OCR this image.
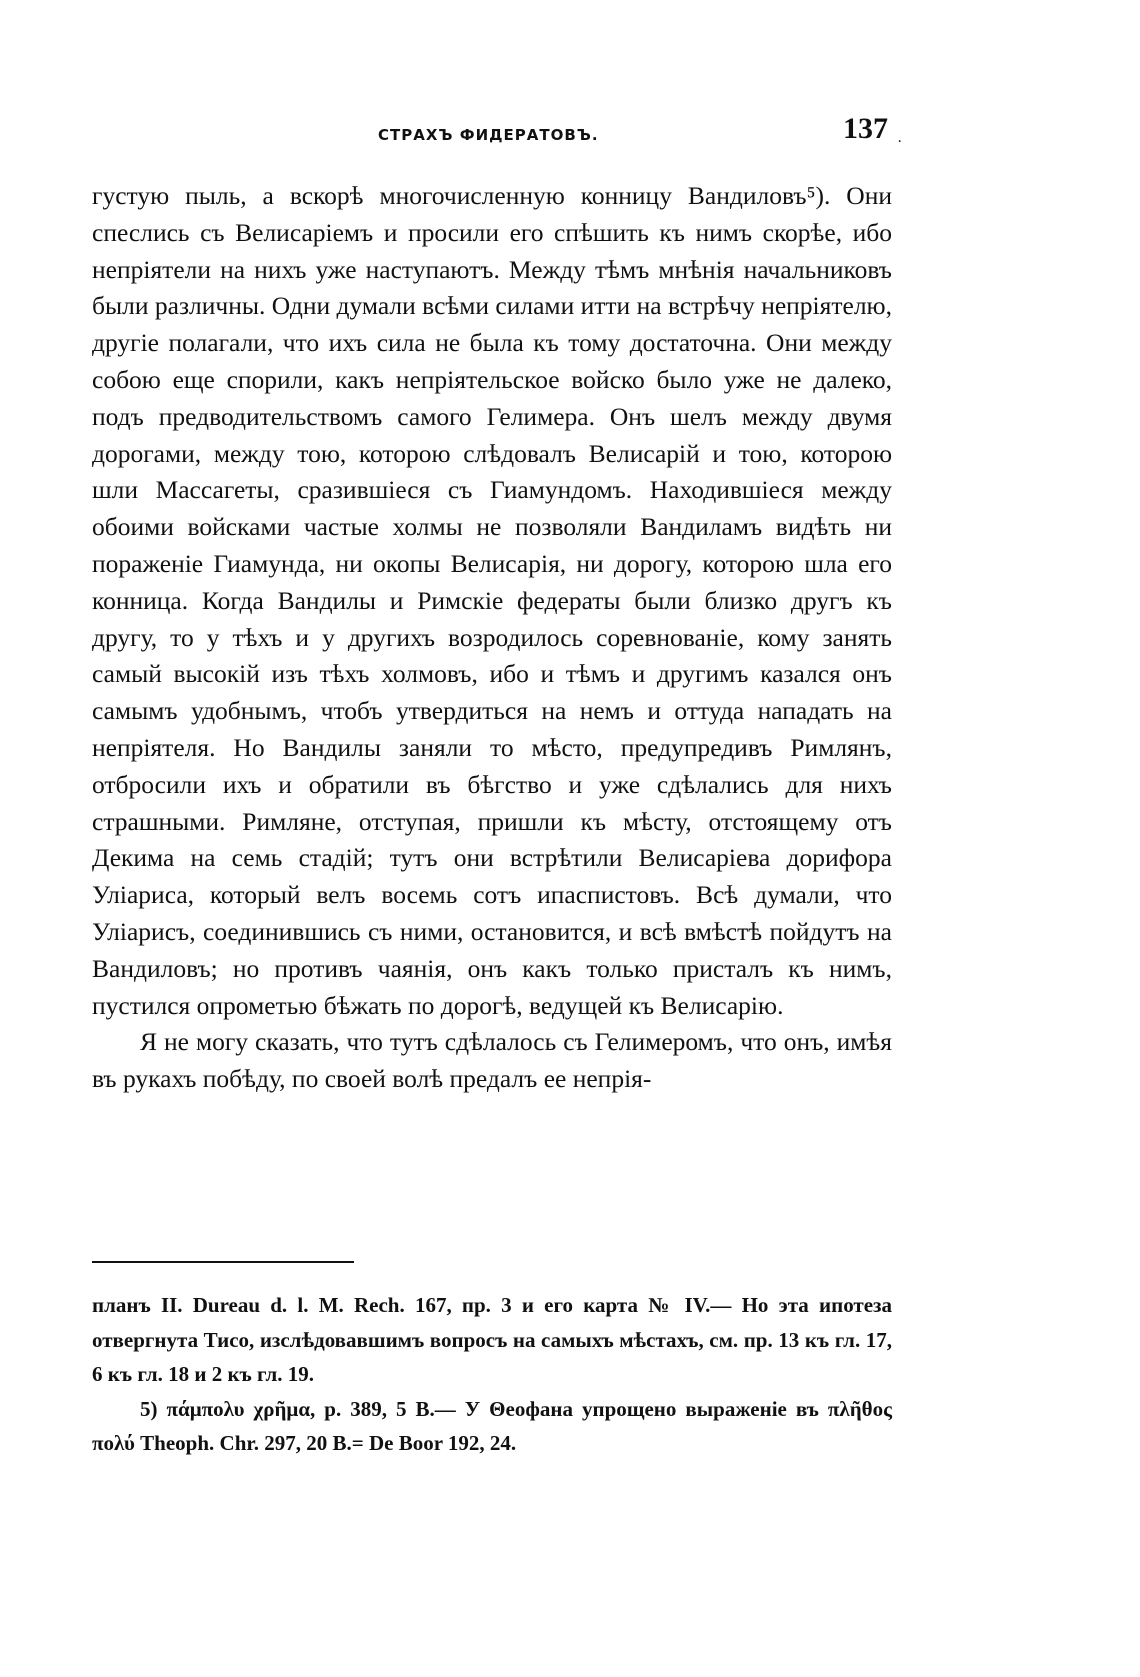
СТРАХЪ ФИДЕРАТОВЪ.	137 ·

густую пыль, а вскорѣ многочисленную конницу Вандиловъ⁵). Они спеслись съ Велисаріемъ и просили его спѣшить къ нимъ скорѣе, ибо непріятели на нихъ уже наступаютъ. Между тѣмъ мнѣнія начальниковъ были различны. Одни думали всѣми силами итти на встрѣчу непріятелю, другіе полагали, что ихъ сила не была къ тому достаточна. Они между собою еще спорили, какъ непріятельское войско было уже не далеко, подъ предводительствомъ самого Гелимера. Онъ шелъ между двумя дорогами, между тою, которою слѣдовалъ Велисарій и тою, которою шли Массагеты, сразившіеся съ Гиамундомъ. Находившіеся между обоими войсками частые холмы не позволяли Вандиламъ видѣть ни пораженіе Гиамунда, ни окопы Велисарія, ни дорогу, которою шла его конница. Когда Вандилы и Римскіе федераты были близко другъ къ другу, то у тѣхъ и у другихъ возродилось соревнованіе, кому занять самый высокій изъ тѣхъ холмовъ, ибо и тѣмъ и другимъ казался онъ самымъ удобнымъ, чтобъ утвердиться на немъ и оттуда нападать на непріятеля. Но Вандилы заняли то мѣсто, предупредивъ Римлянъ, отбросили ихъ и обратили въ бѣгство и уже сдѣлались для нихъ страшными. Римляне, отступая, пришли къ мѣсту, отстоящему отъ Декима на семь стадій; тутъ они встрѣтили Велисаріева дорифора Уліариса, который велъ восемь сотъ ипаспистовъ. Всѣ думали, что Уліарисъ, соединившись съ ними, остановится, и всѣ вмѣстѣ пойдутъ на Вандиловъ; но противъ чаянія, онъ какъ только присталъ къ нимъ, пустился опрометью бѣжать по дорогѣ, ведущей къ Велисарію.

Я не могу сказать, что тутъ сдѣлалось съ Гелимеромъ, что онъ, имѣя въ рукахъ побѣду, по своей волѣ предалъ ее непрія-

планъ II. Dureau d. l. M. Rech. 167, пр. 3 и его карта № IV.— Но эта ипотеза отвергнута Тисо, изслѣдовавшимъ вопросъ на самыхъ мѣстахъ, см. пр. 13 къ гл. 17, 6 къ гл. 18 и 2 къ гл. 19.

5) πάμπολυ χρῆμα, p. 389, 5 B.— У Θеофана упрощено выраженіе въ πλῆθος πολύ Theoph. Chr. 297, 20 B.= De Boor 192, 24.
